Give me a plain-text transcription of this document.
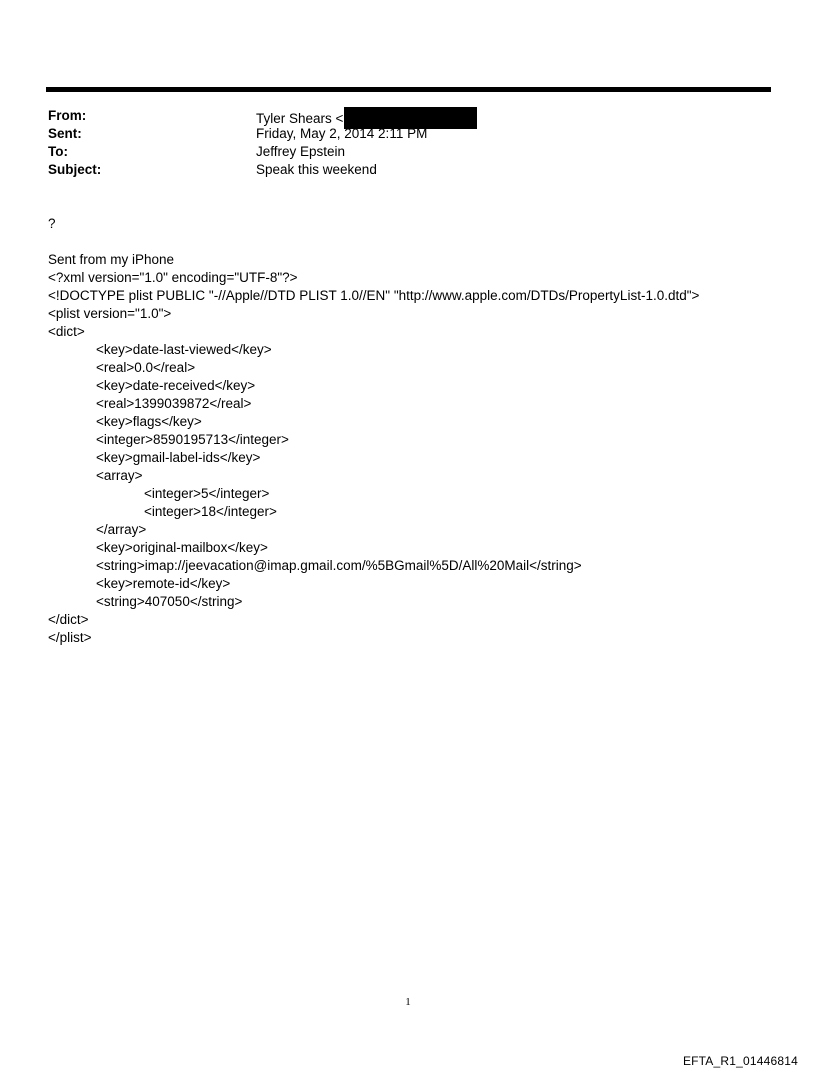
From:	Tyler Shears <
Sent:	Friday, May 2, 2014 2:11 PM
To:	Jeffrey Epstein
Subject:	Speak this weekend
?
Sent from my iPhone
<?xml version="1.0" encoding="UTF-8"?>
<!DOCTYPE plist PUBLIC "-//Apple//DTD PLIST 1.0//EN" "http://www.apple.com/DTDs/PropertyList-1.0.dtd">
<plist version="1.0">
<dict>
<key>date-last-viewed</key>
<real>0.0</real>
<key>date-received</key>
<real>1399039872</real>
<key>flags</key>
<integer>8590195713</integer>
<key>gmail-label-ids</key>
<array>
<integer>5</integer>
<integer>18</integer>
</array>
<key>original-mailbox</key>
<string>imap://jeevacation@imap.gmail.com/%5BGmail%5D/All%20Mail</string>
<key>remote-id</key>
<string>407050</string>
</dict>
</plist>
1
EFTA_R1_01446814
